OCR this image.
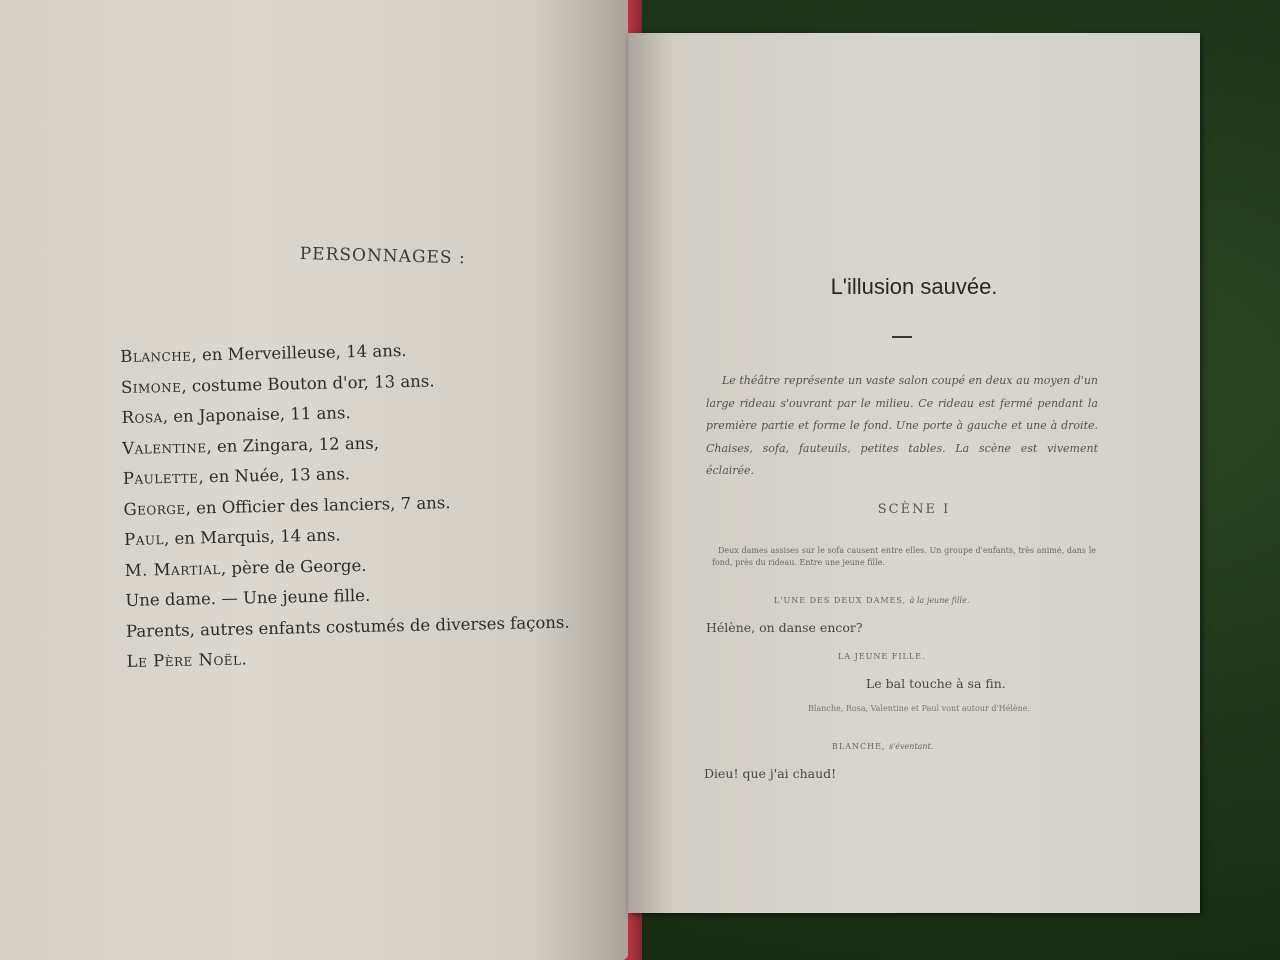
PERSONNAGES :
Blanche, en Merveilleuse, 14 ans.
Simone, costume Bouton d'or, 13 ans.
Rosa, en Japonaise, 11 ans.
Valentine, en Zingara, 12 ans,
Paulette, en Nuée, 13 ans.
George, en Officier des lanciers, 7 ans.
Paul, en Marquis, 14 ans.
M. Martial, père de George.
Une dame. — Une jeune fille.
Parents, autres enfants costumés de diverses façons.
Le Père Noël.
L'illusion sauvée.
Le théâtre représente un vaste salon coupé en deux au moyen d'un large rideau s'ouvrant par le milieu. Ce rideau est fermé pendant la première partie et forme le fond. Une porte à gauche et une à droite. Chaises, sofa, fauteuils, petites tables. La scène est vivement éclairée.
SCÈNE I
Deux dames assises sur le sofa causent entre elles. Un groupe d'enfants, très animé, dans le fond, près du rideau. Entre une jeune fille.
L'UNE DES DEUX DAMES, à la jeune fille.
Hélène, on danse encor?
LA JEUNE FILLE.
Le bal touche à sa fin.
Blanche, Rosa, Valentine et Paul vont autour d'Hélène.
BLANCHE, s'éventant.
Dieu! que j'ai chaud!
